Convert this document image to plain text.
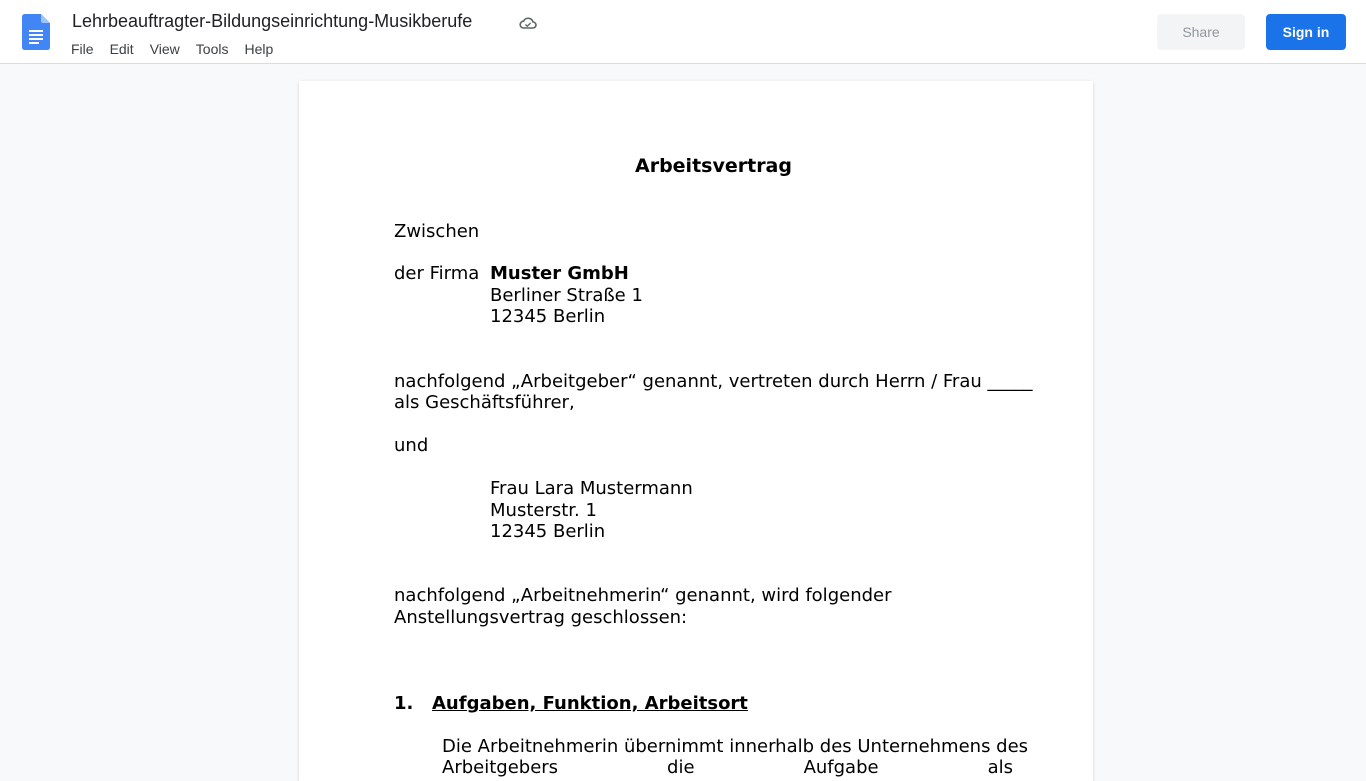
Lehrbeauftragter-Bildungseinrichtung-Musikberufe
File	Edit	View	Tools	Help
Share	Sign in
Arbeitsvertrag
Zwischen
der Firma Muster GmbH
Berliner Straße 1
12345 Berlin
nachfolgend „Arbeitgeber“ genannt, vertreten durch Herrn / Frau _____
als Geschäftsführer,
und
Frau Lara Mustermann
Musterstr. 1
12345 Berlin
nachfolgend „Arbeitnehmerin“ genannt, wird folgender
Anstellungsvertrag geschlossen:
1. Aufgaben, Funktion, Arbeitsort
Die Arbeitnehmerin übernimmt innerhalb des Unternehmens des
Arbeitgebers die Aufgabe als
